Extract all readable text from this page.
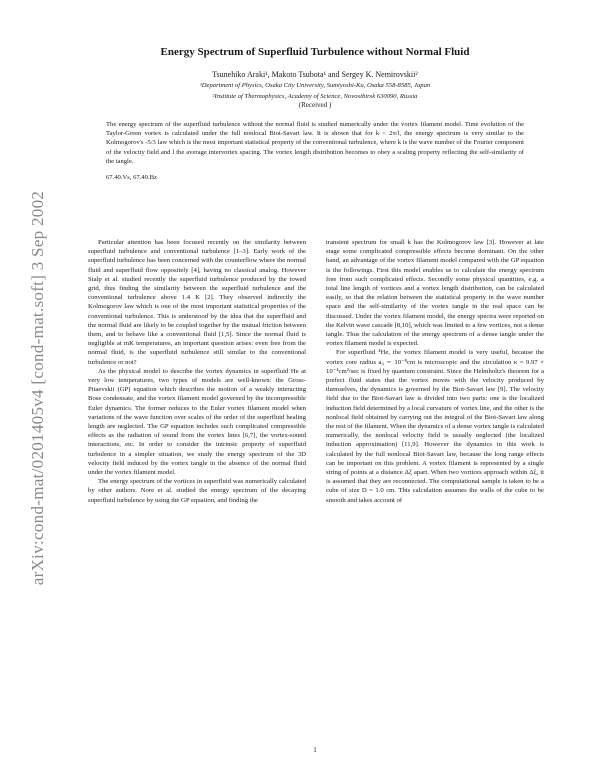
arXiv:cond-mat/0201405v4 [cond-mat.soft] 3 Sep 2002
Energy Spectrum of Superfluid Turbulence without Normal Fluid
Tsunehiko Araki¹, Makoto Tsubota¹ and Sergey K. Nemirovskii²
¹Department of Physics, Osaka City University, Sumiyoshi-Ku, Osaka 558-8585, Japan
²Institute of Thermophysics, Academy of Science, Novosibirsk 630090, Russia
(Received )
The energy spectrum of the superfluid turbulence without the normal fluid is studied numerically under the vortex filament model. Time evolution of the Taylor-Green vortex is calculated under the full nonlocal Biot-Savart law. It is shown that for k < 2π/l, the energy spectrum is very similar to the Kolmogorov's -5/3 law which is the most important statistical property of the conventional turbulence, where k is the wave number of the Fourier component of the velocity field and l the average intervortex spacing. The vortex length distribution becomes to obey a scaling property reflecting the self-similarity of the tangle.
67.40.Vs, 67.40.Bz

Particular attention has been focused recently on the similarity between superfluid turbulence and conventional turbulence [1–3]. Early work of the superfluid turbulence has been concerned with the counterflow where the normal fluid and superfluid flow oppositely [4], having no classical analog. However Stalp et al. studied recently the superfluid turbulence produced by the towed grid, thus finding the similarity between the superfluid turbulence and the conventional turbulence above 1.4 K [2]. They observed indirectly the Kolmogorov law which is one of the most important statistical properties of the conventional turbulence. This is understood by the idea that the superfluid and the normal fluid are likely to be coupled together by the mutual friction between them, and to behave like a conventional fluid [1,5]. Since the normal fluid is negligible at mK temperatures, an important question arises: even free from the normal fluid, is the superfluid turbulence still similar to the conventional turbulence or not?

As the physical model to describe the vortex dynamics in superfluid He at very low temperatures, two types of models are well-known: the Gross-Pitaevskii (GP) equation which describes the motion of a weakly interacting Bose condensate, and the vortex filament model governed by the incompressible Euler dynamics. The former reduces to the Euler vortex filament model when variations of the wave function over scales of the order of the superfluid healing length are neglected. The GP equation includes such complicated compressible effects as the radiation of sound from the vortex lines [6,7], the vortex-sound interactions, etc. In order to consider the intrinsic property of superfluid turbulence in a simpler situation, we study the energy spectrum of the 3D velocity field induced by the vortex tangle in the absence of the normal fluid under the vortex filament model.

The energy spectrum of the vortices in superfluid was numerically calculated by other authors. Nore et al. studied the energy spectrum of the decaying superfluid turbulence by using the GP equation, and finding the

transient spectrum for small k has the Kolmogorov law [3]. However at late stage some complicated compressible effects become dominant. On the other hand, an advantage of the vortex filament model compared with the GP equation is the followings. First this model enables us to calculate the energy spectrum free from such complicated effects. Secondly some physical quantities, e.g. a total line length of vortices and a vortex length distribution, can be calculated easily, so that the relation between the statistical property in the wave number space and the self-similarity of the vortex tangle in the real space can be discussed. Under the vortex filament model, the energy spectra were reported on the Kelvin wave cascade [8,10], which was limited to a few vortices, not a dense tangle. Thus the calculation of the energy spectrum of a dense tangle under the vortex filament model is expected.

For superfluid ⁴He, the vortex filament model is very useful, because the vortex core radius a₀ ∼ 10⁻⁸cm is microscopic and the circulation κ = 9.97 × 10⁻⁴cm²/sec is fixed by quantum constraint. Since the Helmholtz's theorem for a prefect fluid states that the vortex moves with the velocity produced by themselves, the dynamics is governed by the Biot-Savart law [9]. The velocity field due to the Biot-Savart law is divided into two parts: one is the localized induction field determined by a local curvature of vortex line, and the other is the nonlocal field obtained by carrying out the integral of the Biot-Savart law along the rest of the filament. When the dynamics of a dense vortex tangle is calculated numerically, the nonlocal velocity field is usually neglected (the localized induction approximation) [11,9]. However the dynamics in this work is calculated by the full nonlocal Biot-Savart law, because the long range effects can be important on this problem. A vortex filament is represented by a single string of points at a distance Δξ apart. When two vortices approach within Δξ, it is assumed that they are reconnected. The computational sample is taken to be a cube of size D = 1.0 cm. This calculation assumes the walls of the cube to be smooth and takes account of

1
